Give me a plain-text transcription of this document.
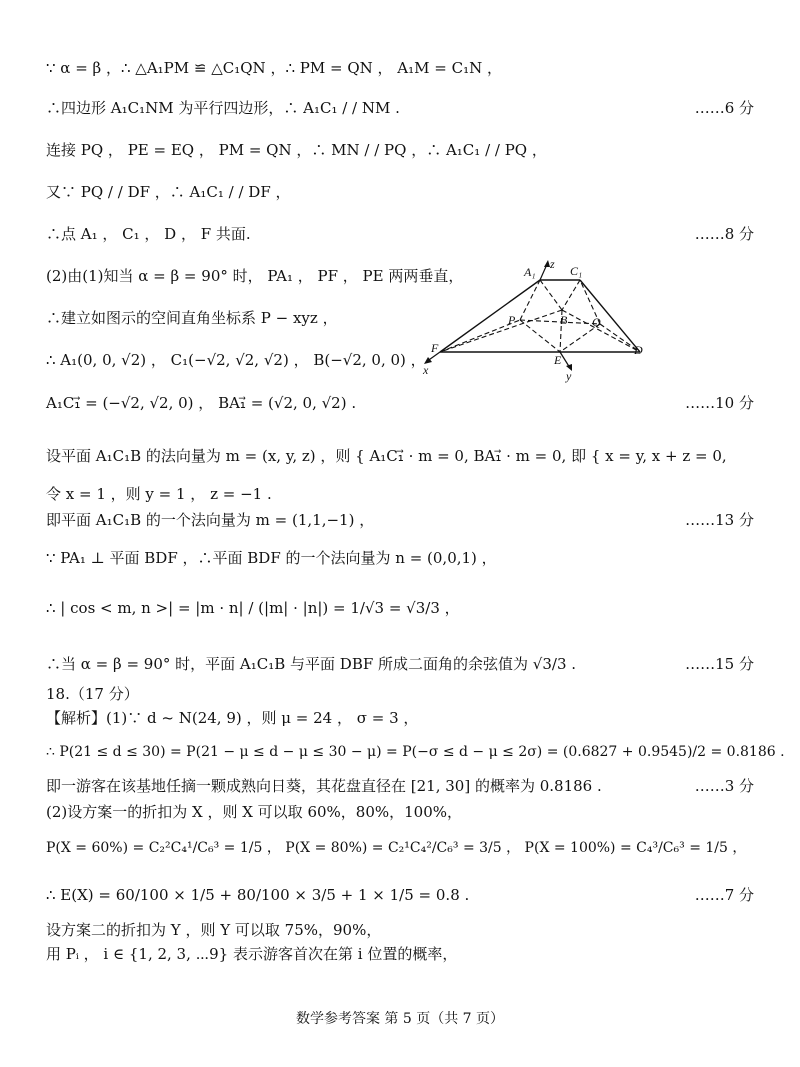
∵ α = β ，∴ △A₁PM ≌ △C₁QN ，∴ PM = QN ， A₁M = C₁N ，
∴四边形 A₁C₁NM 为平行四边形，∴ A₁C₁ / / NM .	……6 分
连接 PQ ， PE = EQ ， PM = QN ，∴ MN / / PQ ，∴ A₁C₁ / / PQ ，
又∵ PQ / / DF ，∴ A₁C₁ / / DF ，
∴点 A₁ ， C₁ ， D ， F 共面.	……8 分
(2)由(1)知当 α = β = 90° 时， PA₁ ， PF ， PE 两两垂直，
∴建立如图示的空间直角坐标系 P − xyz ，
∴ A₁(0, 0, √2) ， C₁(−√2, √2, √2) ， B(−√2, 0, 0) ，
A₁C₁⃗ = (−√2, √2, 0) ， BA₁⃗ = (√2, 0, √2) .	……10 分
设平面 A₁C₁B 的法向量为 m = (x, y, z) ，则 { A₁C₁⃗ · m = 0, BA₁⃗ · m = 0, 即 { x = y, x + z = 0,
令 x = 1 ，则 y = 1 ， z = −1 .
即平面 A₁C₁B 的一个法向量为 m = (1,1,−1) ，	……13 分
∵ PA₁ ⊥ 平面 BDF ，∴平面 BDF 的一个法向量为 n = (0,0,1) ，
∴ | cos < m, n >| = |m · n| / (|m| · |n|) = 1/√3 = √3/3 ，
∴当 α = β = 90° 时，平面 A₁C₁B 与平面 DBF 所成二面角的余弦值为 √3/3 .	……15 分
18.（17 分）
【解析】(1)∵ d ~ N(24, 9) ，则 μ = 24 ， σ = 3 ，
∴ P(21 ≤ d ≤ 30) = P(21 − μ ≤ d − μ ≤ 30 − μ) = P(−σ ≤ d − μ ≤ 2σ) = (0.6827 + 0.9545)/2 = 0.8186 .
即一游客在该基地任摘一颗成熟向日葵，其花盘直径在 [21, 30] 的概率为 0.8186 .	……3 分
(2)设方案一的折扣为 X ，则 X 可以取 60%，80%，100%，
P(X = 60%) = C₂²C₄¹/C₆³ = 1/5 ， P(X = 80%) = C₂¹C₄²/C₆³ = 3/5 ， P(X = 100%) = C₄³/C₆³ = 1/5 ，
∴ E(X) = 60/100 × 1/5 + 80/100 × 3/5 + 1 × 1/5 = 0.8 .	……7 分
设方案二的折扣为 Y ，则 Y 可以取 75%，90%，
用 Pᵢ ， i ∈ {1, 2, 3, ⋯9} 表示游客首次在第 i 位置的概率，
A₁	C₁
z
P	B Q
F	D
E
x	y
数学参考答案 第 5 页（共 7 页）
